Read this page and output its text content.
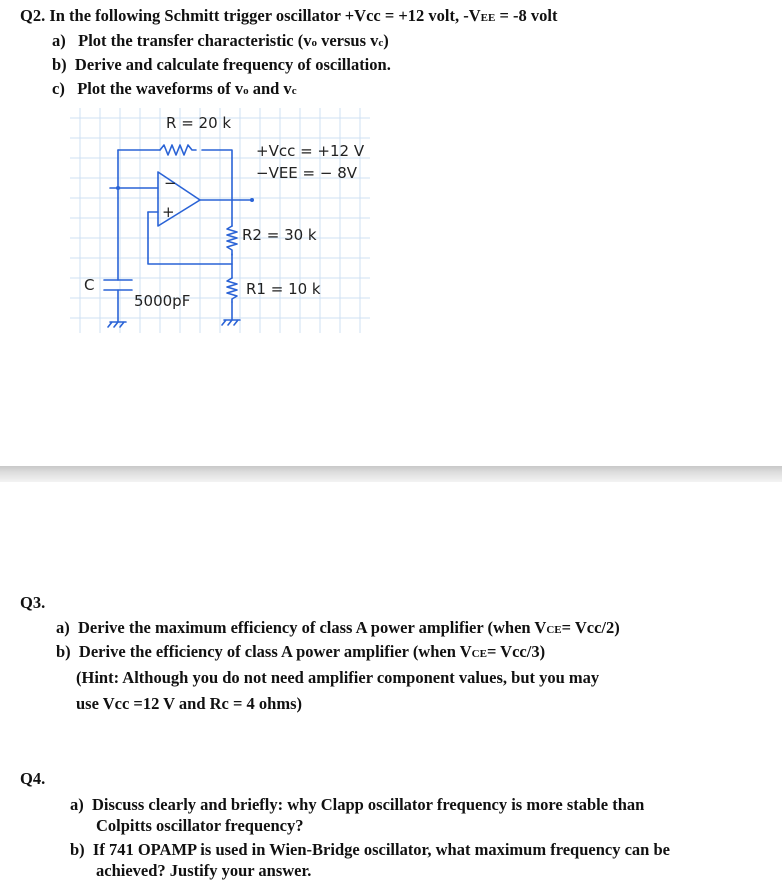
Q2. In the following Schmitt trigger oscillator +Vcc = +12 volt, -VEE = -8 volt
a) Plot the transfer characteristic (vo versus vc)
b) Derive and calculate frequency of oscillation.
c) Plot the waveforms of vo and vc
−
+
R = 20 k
+Vcc = +12 V
−VEE = − 8V
R2 = 30 k
R1 = 10 k
C
5000pF
Q3.
a) Derive the maximum efficiency of class A power amplifier (when VCE= Vcc/2)
b) Derive the efficiency of class A power amplifier (when VCE= Vcc/3)
(Hint: Although you do not need amplifier component values, but you may
use Vcc =12 V and Rc = 4 ohms)
Q4.
a) Discuss clearly and briefly: why Clapp oscillator frequency is more stable than
Colpitts oscillator frequency?
b) If 741 OPAMP is used in Wien-Bridge oscillator, what maximum frequency can be
achieved? Justify your answer.
